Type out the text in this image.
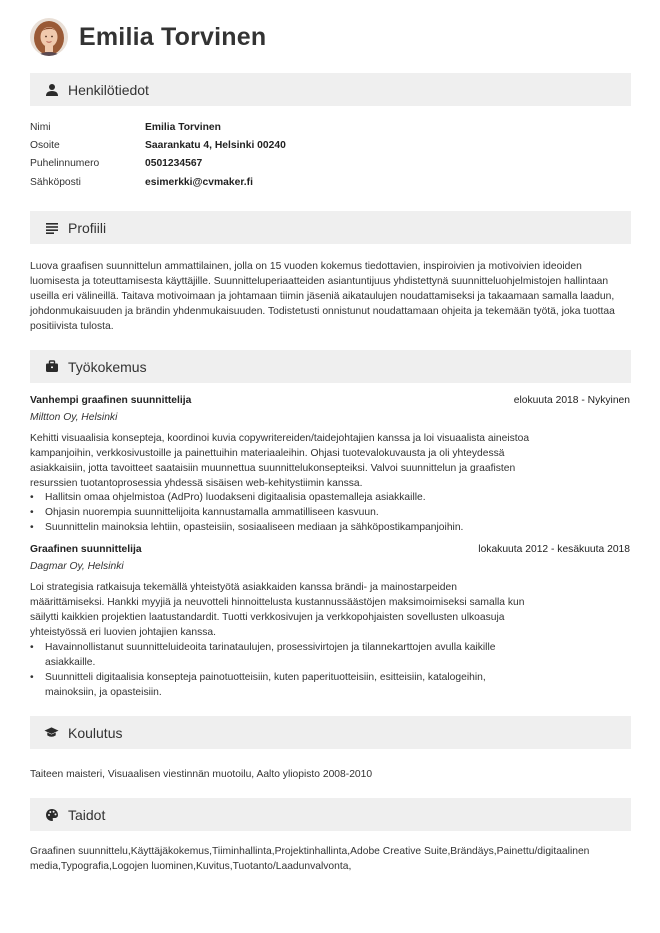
Emilia Torvinen
Henkilötiedot
Nimi	Emilia Torvinen
Osoite	Saarankatu 4, Helsinki 00240
Puhelinnumero	0501234567
Sähköposti	esimerkki@cvmaker.fi
Profiili
Luova graafisen suunnittelun ammattilainen, jolla on 15 vuoden kokemus tiedottavien, inspiroivien ja motivoivien ideoiden luomisesta ja toteuttamisesta käyttäjille. Suunnitteluperiaatteiden asiantuntijuus yhdistettynä suunnitteluohjelmistojen hallintaan useilla eri välineillä. Taitava motivoimaan ja johtamaan tiimin jäseniä aikataulujen noudattamiseksi ja takaamaan samalla laadun, johdonmukaisuuden ja brändin yhdenmukaisuuden. Todistetusti onnistunut noudattamaan ohjeita ja tekemään työtä, joka tuottaa positiivista tulosta.
Työkokemus
Vanhempi graafinen suunnittelija	elokuuta 2018 - Nykyinen
Miltton Oy, Helsinki
Kehitti visuaalisia konsepteja, koordinoi kuvia copywritereiden/taidejohtajien kanssa ja loi visuaalista aineistoa kampanjoihin, verkkosivustoille ja painettuihin materiaaleihin. Ohjasi tuotevalokuvausta ja oli yhteydessä asiakkaisiin, jotta tavoitteet saataisiin muunnettua suunnittelukonsepteiksi. Valvoi suunnittelun ja graafisten resurssien tuotantoprosessia yhdessä sisäisen web-kehitystiimin kanssa.
• Hallitsin omaa ohjelmistoa (AdPro) luodakseni digitaalisia opastemalleja asiakkaille.
• Ohjasin nuorempia suunnittelijoita kannustamalla ammatilliseen kasvuun.
• Suunnittelin mainoksia lehtiin, opasteisiin, sosiaaliseen mediaan ja sähköpostikampanjoihin.
Graafinen suunnittelija	lokakuuta 2012 - kesäkuuta 2018
Dagmar Oy, Helsinki
Loi strategisia ratkaisuja tekemällä yhteistyötä asiakkaiden kanssa brändi- ja mainostarpeiden määrittämiseksi. Hankki myyjiä ja neuvotteli hinnoittelusta kustannussäästöjen maksimoimiseksi samalla kun säilytti kaikkien projektien laatustandardit. Tuotti verkkosivujen ja verkkopohjaisten sovellusten ulkoasuja yhteistyössä eri luovien johtajien kanssa.
• Havainnollistanut suunnitteluideoita tarinataulujen, prosessivirtojen ja tilannekarttojen avulla kaikille asiakkaille.
• Suunnitteli digitaalisia konsepteja painotuotteisiin, kuten paperituotteisiin, esitteisiin, katalogeihin, mainoksiin, ja opasteisiin.
Koulutus
Taiteen maisteri, Visuaalisen viestinnän muotoilu, Aalto yliopisto 2008-2010
Taidot
Graafinen suunnittelu,Käyttäjäkokemus,Tiiminhallinta,Projektinhallinta,Adobe Creative Suite,Brändäys,Painettu/digitaalinen media,Typografia,Logojen luominen,Kuvitus,Tuotanto/Laadunvalvonta,
